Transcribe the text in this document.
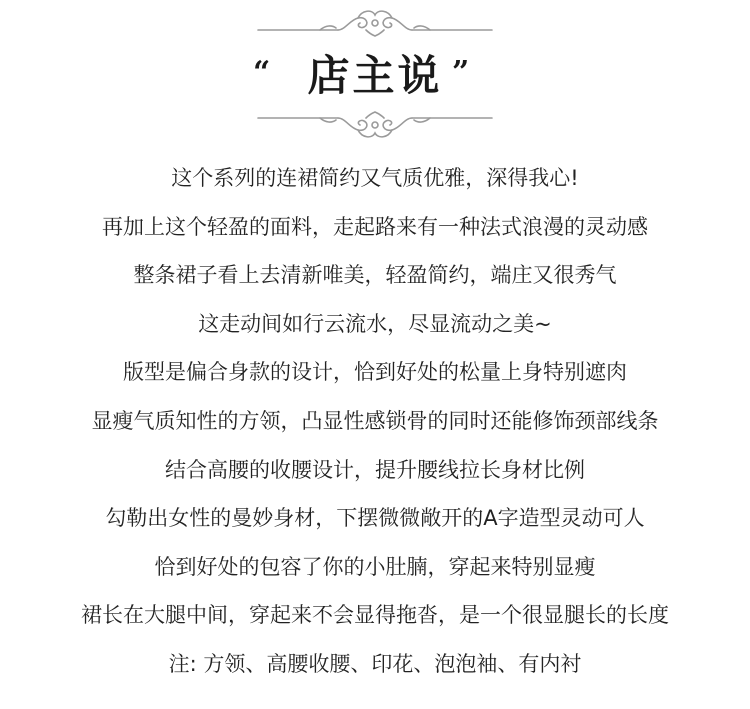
“ 店主说 ”
这个系列的连裙简约又气质优雅，深得我心!
再加上这个轻盈的面料，走起路来有一种法式浪漫的灵动感
整条裙子看上去清新唯美，轻盈简约，端庄又很秀气
这走动间如行云流水，尽显流动之美~
版型是偏合身款的设计，恰到好处的松量上身特别遮肉
显瘦气质知性的方领，凸显性感锁骨的同时还能修饰颈部线条
结合高腰的收腰设计，提升腰线拉长身材比例
勾勒出女性的曼妙身材，下摆微微敞开的A字造型灵动可人
恰到好处的包容了你的小肚腩，穿起来特别显瘦
裙长在大腿中间，穿起来不会显得拖沓，是一个很显腿长的长度
注: 方领、高腰收腰、印花、泡泡袖、有内衬
